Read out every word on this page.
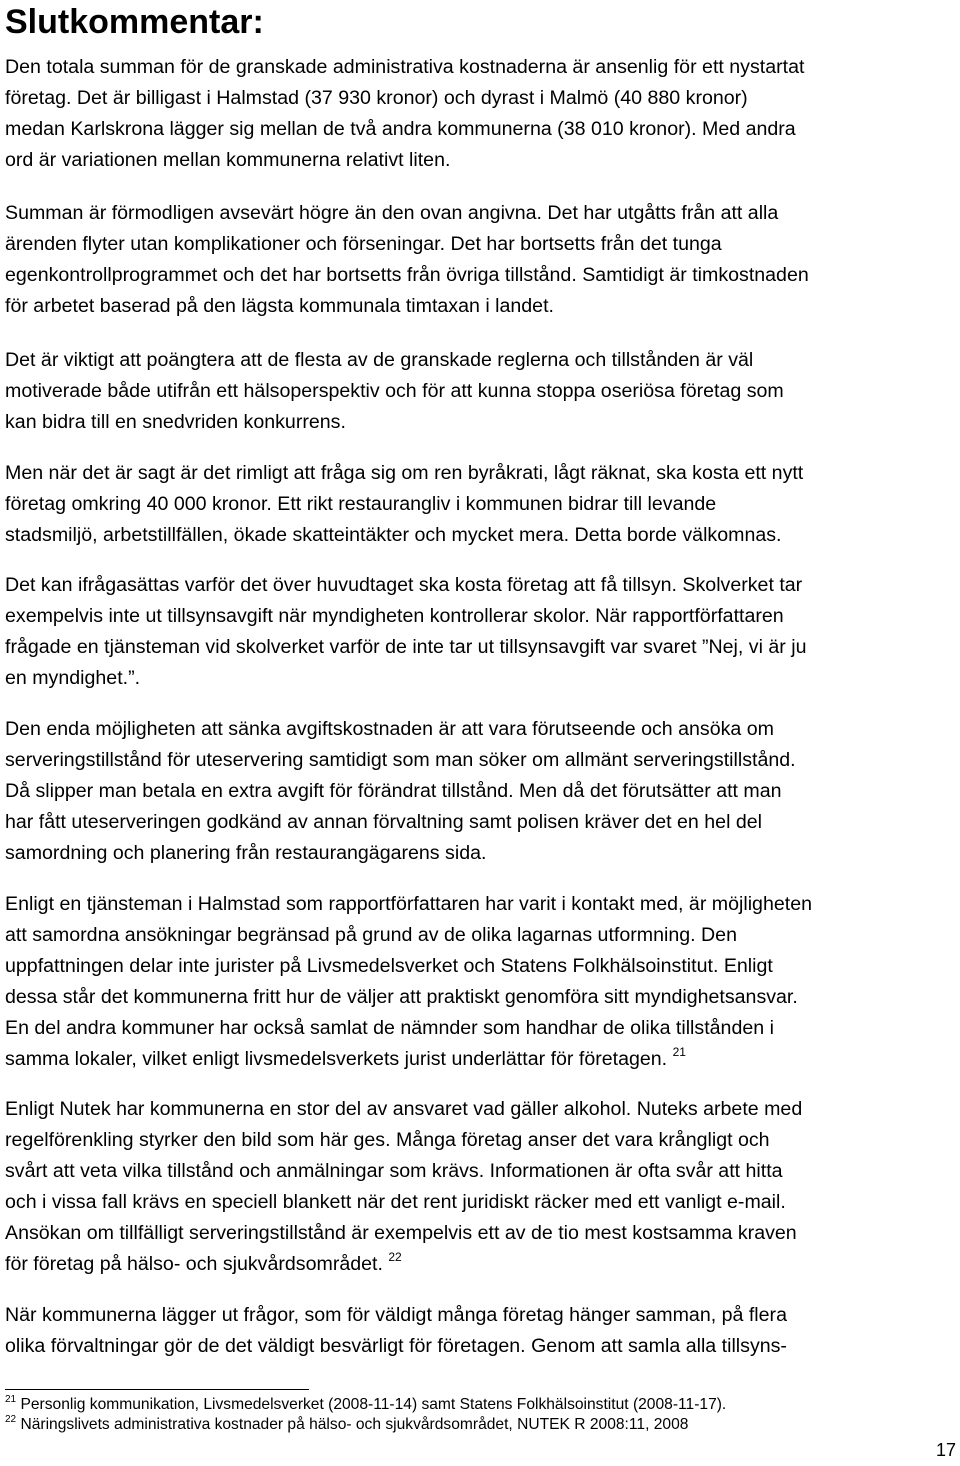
Slutkommentar:
Den totala summan för de granskade administrativa kostnaderna är ansenlig för ett nystartat
företag. Det är billigast i Halmstad (37 930 kronor) och dyrast i Malmö (40 880 kronor)
medan Karlskrona lägger sig mellan de två andra kommunerna (38 010 kronor). Med andra
ord är variationen mellan kommunerna relativt liten.
Summan är förmodligen avsevärt högre än den ovan angivna. Det har utgåtts från att alla
ärenden flyter utan komplikationer och förseningar. Det har bortsetts från det tunga
egenkontrollprogrammet och det har bortsetts från övriga tillstånd. Samtidigt är timkostnaden
för arbetet baserad på den lägsta kommunala timtaxan i landet.
Det är viktigt att poängtera att de flesta av de granskade reglerna och tillstånden är väl
motiverade både utifrån ett hälsoperspektiv och för att kunna stoppa oseriösa företag som
kan bidra till en snedvriden konkurrens.
Men när det är sagt är det rimligt att fråga sig om ren byråkrati, lågt räknat, ska kosta ett nytt
företag omkring 40 000 kronor. Ett rikt restaurangliv i kommunen bidrar till levande
stadsmiljö, arbetstillfällen, ökade skatteintäkter och mycket mera. Detta borde välkomnas.
Det kan ifrågasättas varför det över huvudtaget ska kosta företag att få tillsyn. Skolverket tar
exempelvis inte ut tillsynsavgift när myndigheten kontrollerar skolor. När rapportförfattaren
frågade en tjänsteman vid skolverket varför de inte tar ut tillsynsavgift var svaret ”Nej, vi är ju
en myndighet.”.
Den enda möjligheten att sänka avgiftskostnaden är att vara förutseende och ansöka om
serveringstillstånd för uteservering samtidigt som man söker om allmänt serveringstillstånd.
Då slipper man betala en extra avgift för förändrat tillstånd. Men då det förutsätter att man
har fått uteserveringen godkänd av annan förvaltning samt polisen kräver det en hel del
samordning och planering från restaurangägarens sida.
Enligt en tjänsteman i Halmstad som rapportförfattaren har varit i kontakt med, är möjligheten
att samordna ansökningar begränsad på grund av de olika lagarnas utformning. Den
uppfattningen delar inte jurister på Livsmedelsverket och Statens Folkhälsoinstitut. Enligt
dessa står det kommunerna fritt hur de väljer att praktiskt genomföra sitt myndighetsansvar.
En del andra kommuner har också samlat de nämnder som handhar de olika tillstånden i
samma lokaler, vilket enligt livsmedelsverkets jurist underlättar för företagen. $^{21}$
Enligt Nutek har kommunerna en stor del av ansvaret vad gäller alkohol. Nuteks arbete med
regelförenkling styrker den bild som här ges. Många företag anser det vara krångligt och
svårt att veta vilka tillstånd och anmälningar som krävs. Informationen är ofta svår att hitta
och i vissa fall krävs en speciell blankett när det rent juridiskt räcker med ett vanligt e-mail.
Ansökan om tillfälligt serveringstillstånd är exempelvis ett av de tio mest kostsamma kraven
för företag på hälso- och sjukvårdsområdet. $^{22}$
När kommunerna lägger ut frågor, som för väldigt många företag hänger samman, på flera
olika förvaltningar gör de det väldigt besvärligt för företagen. Genom att samla alla tillsyns-
$^{21}$ Personlig kommunikation, Livsmedelsverket (2008-11-14) samt Statens Folkhälsoinstitut (2008-11-17).
$^{22}$ Näringslivets administrativa kostnader på hälso- och sjukvårdsområdet, NUTEK R 2008:11, 2008
17
